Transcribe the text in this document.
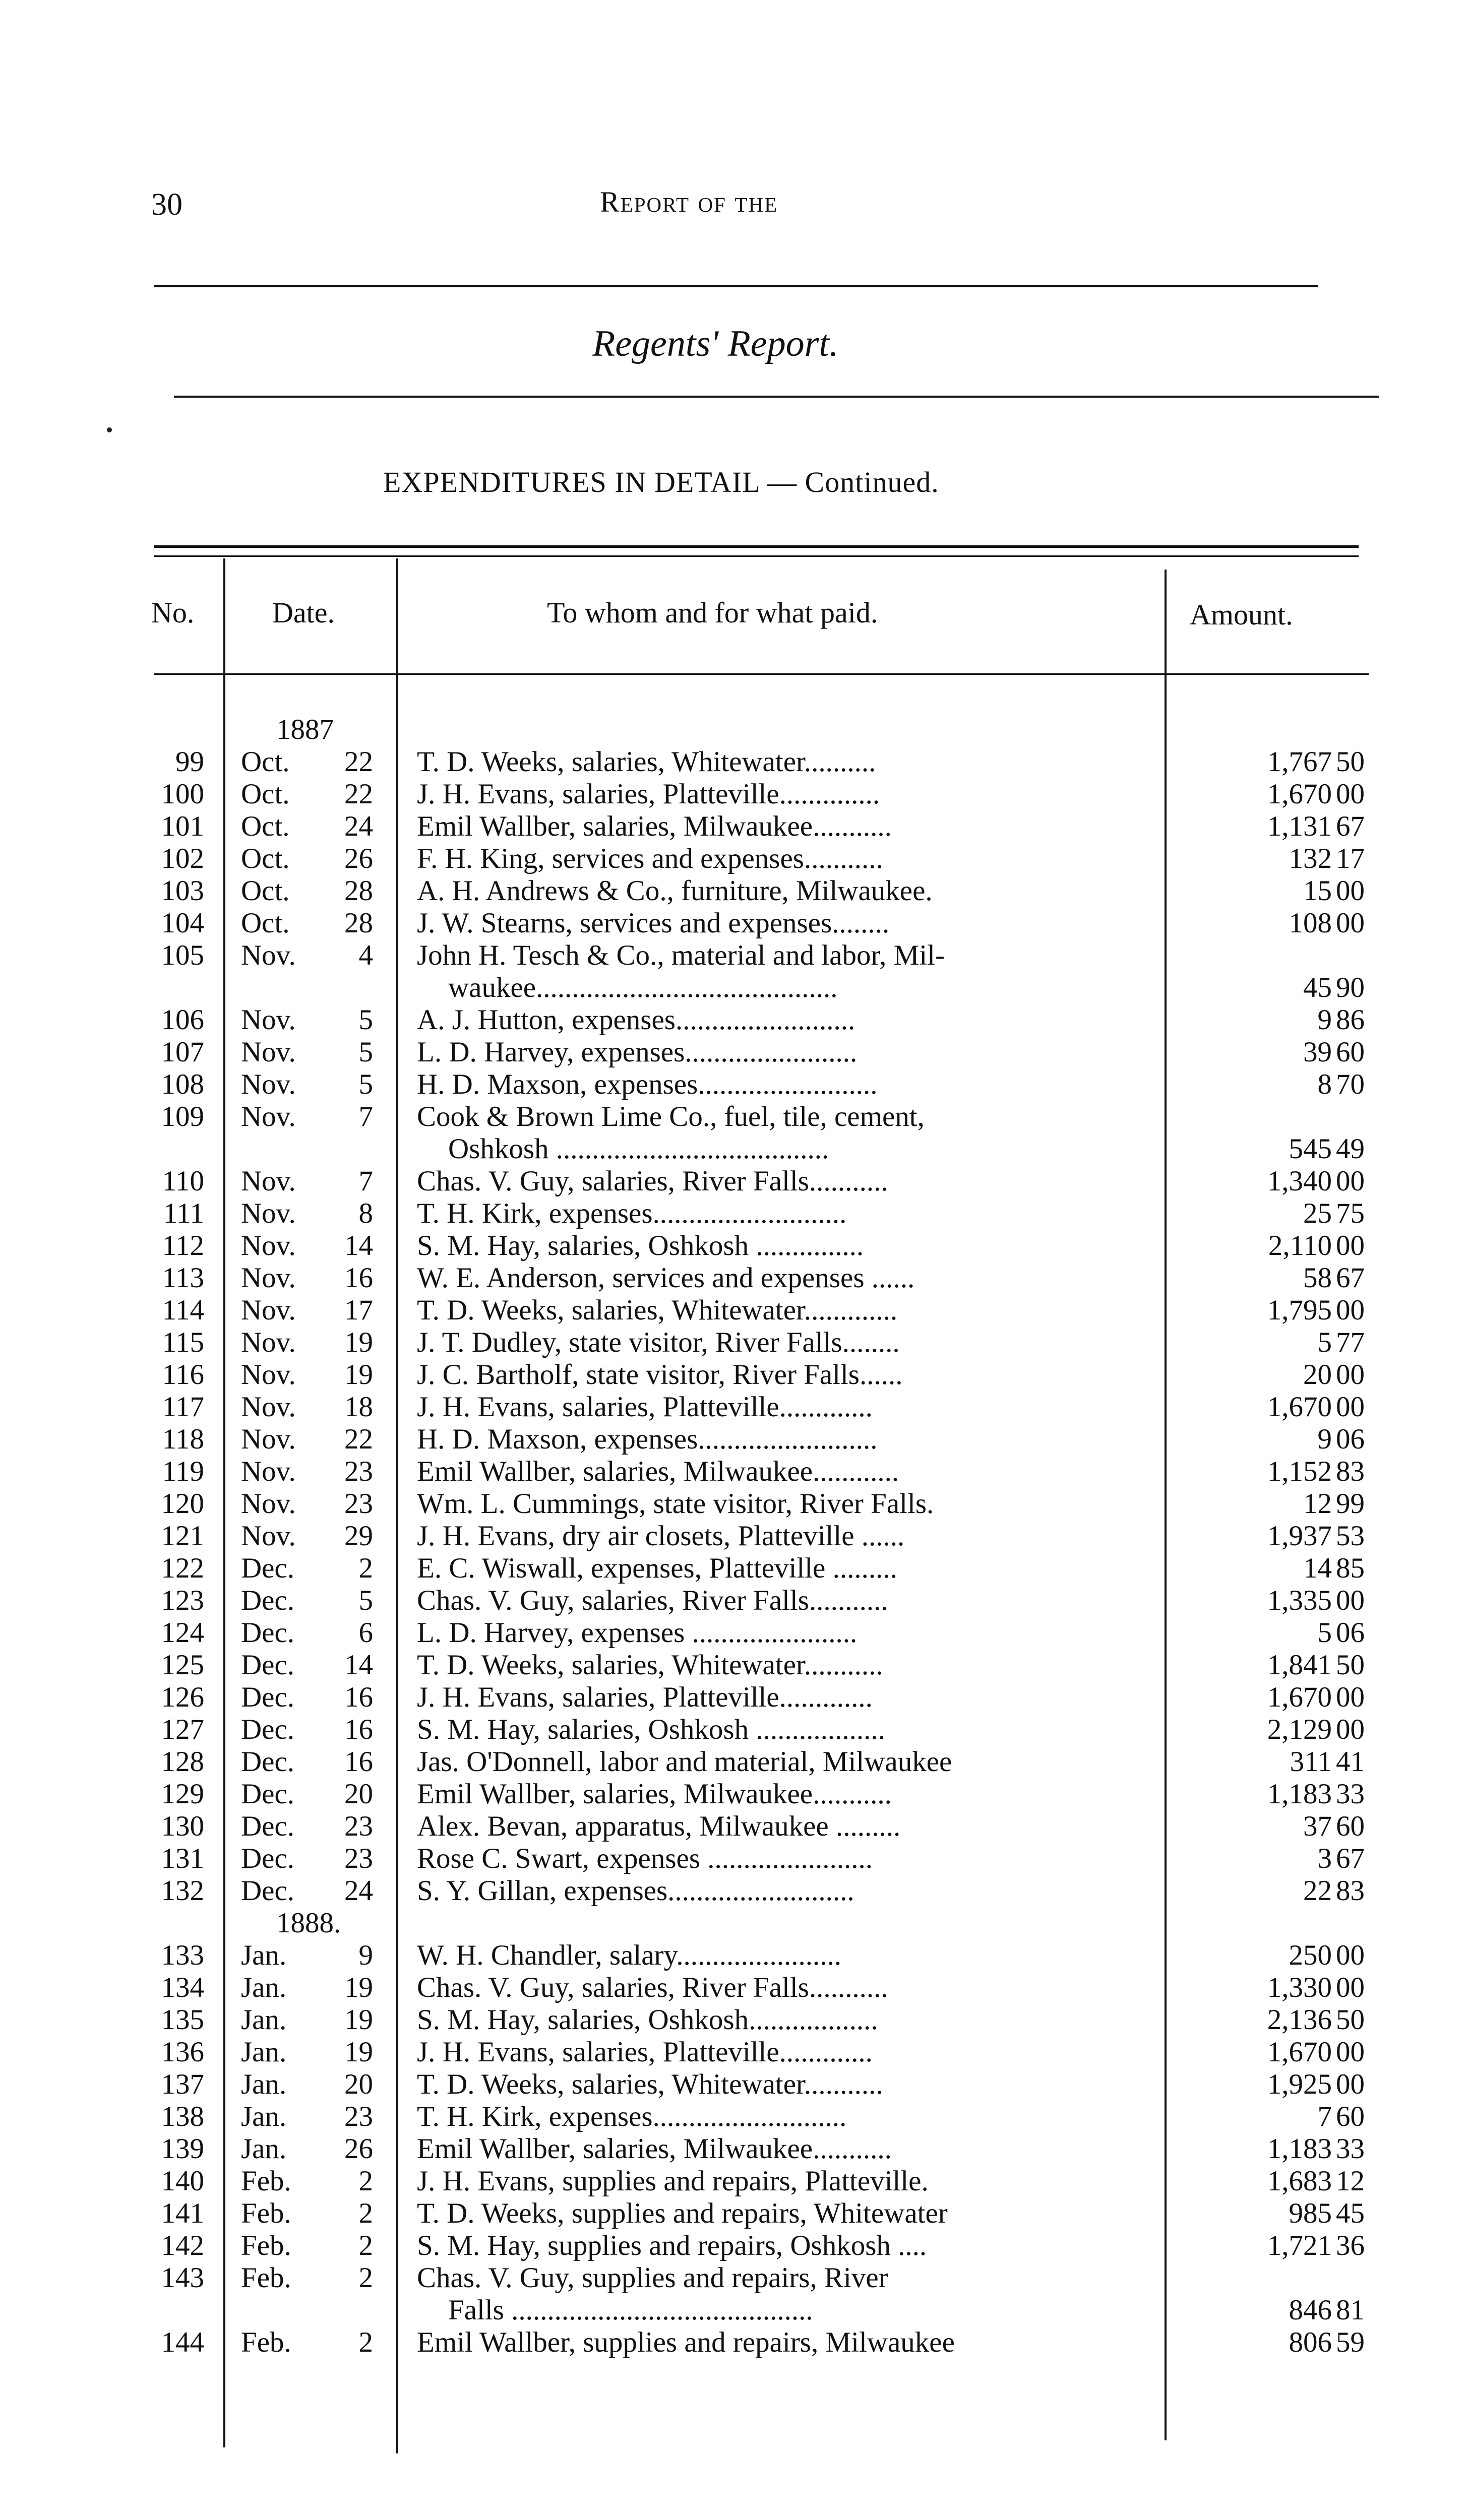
30	Report of the
Regents' Report.
EXPENDITURES IN DETAIL — Continued.
No.	Date.	To whom and for what paid.	Amount.
1887
99 Oct.	22 T. D. Weeks, salaries, Whitewater..........	1,767 50
100 Oct.	22 J. H. Evans, salaries, Platteville..............	1,670 00
101 Oct.	24 Emil Wallber, salaries, Milwaukee...........	1,131 67
102 Oct.	26 F. H. King, services and expenses...........	132 17
103 Oct.	28 A. H. Andrews & Co., furniture, Milwaukee.	15 00
104 Oct.	28 J. W. Stearns, services and expenses........	108 00
105 Nov.	4 John H. Tesch & Co., material and labor, Mil-
waukee..........................................	45 90
106 Nov.	5 A. J. Hutton, expenses.........................	9 86
107 Nov.	5 L. D. Harvey, expenses........................	39 60
108 Nov.	5 H. D. Maxson, expenses.........................	8 70
109 Nov.	7 Cook & Brown Lime Co., fuel, tile, cement,
Oshkosh ......................................	545 49
110 Nov.	7 Chas. V. Guy, salaries, River Falls...........	1,340 00
111 Nov.	8 T. H. Kirk, expenses...........................	25 75
112 Nov.	14 S. M. Hay, salaries, Oshkosh ...............	2,110 00
113 Nov.	16 W. E. Anderson, services and expenses ......	58 67
114 Nov.	17 T. D. Weeks, salaries, Whitewater.............	1,795 00
115 Nov.	19 J. T. Dudley, state visitor, River Falls........	5 77
116 Nov.	19 J. C. Bartholf, state visitor, River Falls......	20 00
117 Nov.	18 J. H. Evans, salaries, Platteville.............	1,670 00
118 Nov.	22 H. D. Maxson, expenses.........................	9 06
119 Nov.	23 Emil Wallber, salaries, Milwaukee............	1,152 83
120 Nov.	23 Wm. L. Cummings, state visitor, River Falls.	12 99
121 Nov.	29 J. H. Evans, dry air closets, Platteville ......	1,937 53
122 Dec.	2 E. C. Wiswall, expenses, Platteville .........	14 85
123 Dec.	5 Chas. V. Guy, salaries, River Falls...........	1,335 00
124 Dec.	6 L. D. Harvey, expenses .......................	5 06
125 Dec.	14 T. D. Weeks, salaries, Whitewater...........	1,841 50
126 Dec.	16 J. H. Evans, salaries, Platteville.............	1,670 00
127 Dec.	16 S. M. Hay, salaries, Oshkosh ..................	2,129 00
128 Dec.	16 Jas. O'Donnell, labor and material, Milwaukee	311 41
129 Dec.	20 Emil Wallber, salaries, Milwaukee...........	1,183 33
130 Dec.	23 Alex. Bevan, apparatus, Milwaukee .........	37 60
131 Dec.	23 Rose C. Swart, expenses .......................	3 67
132 Dec.	24 S. Y. Gillan, expenses..........................	22 83
1888.
133 Jan.	9 W. H. Chandler, salary.......................	250 00
134 Jan.	19 Chas. V. Guy, salaries, River Falls...........	1,330 00
135 Jan.	19 S. M. Hay, salaries, Oshkosh..................	2,136 50
136 Jan.	19 J. H. Evans, salaries, Platteville.............	1,670 00
137 Jan.	20 T. D. Weeks, salaries, Whitewater...........	1,925 00
138 Jan.	23 T. H. Kirk, expenses...........................	7 60
139 Jan.	26 Emil Wallber, salaries, Milwaukee...........	1,183 33
140 Feb.	2 J. H. Evans, supplies and repairs, Platteville.	1,683 12
141 Feb.	2 T. D. Weeks, supplies and repairs, Whitewater	985 45
142 Feb.	2 S. M. Hay, supplies and repairs, Oshkosh ....	1,721 36
143 Feb.	2 Chas. V. Guy, supplies and repairs, River
Falls ..........................................	846 81
144 Feb.	2 Emil Wallber, supplies and repairs, Milwaukee	806 59
